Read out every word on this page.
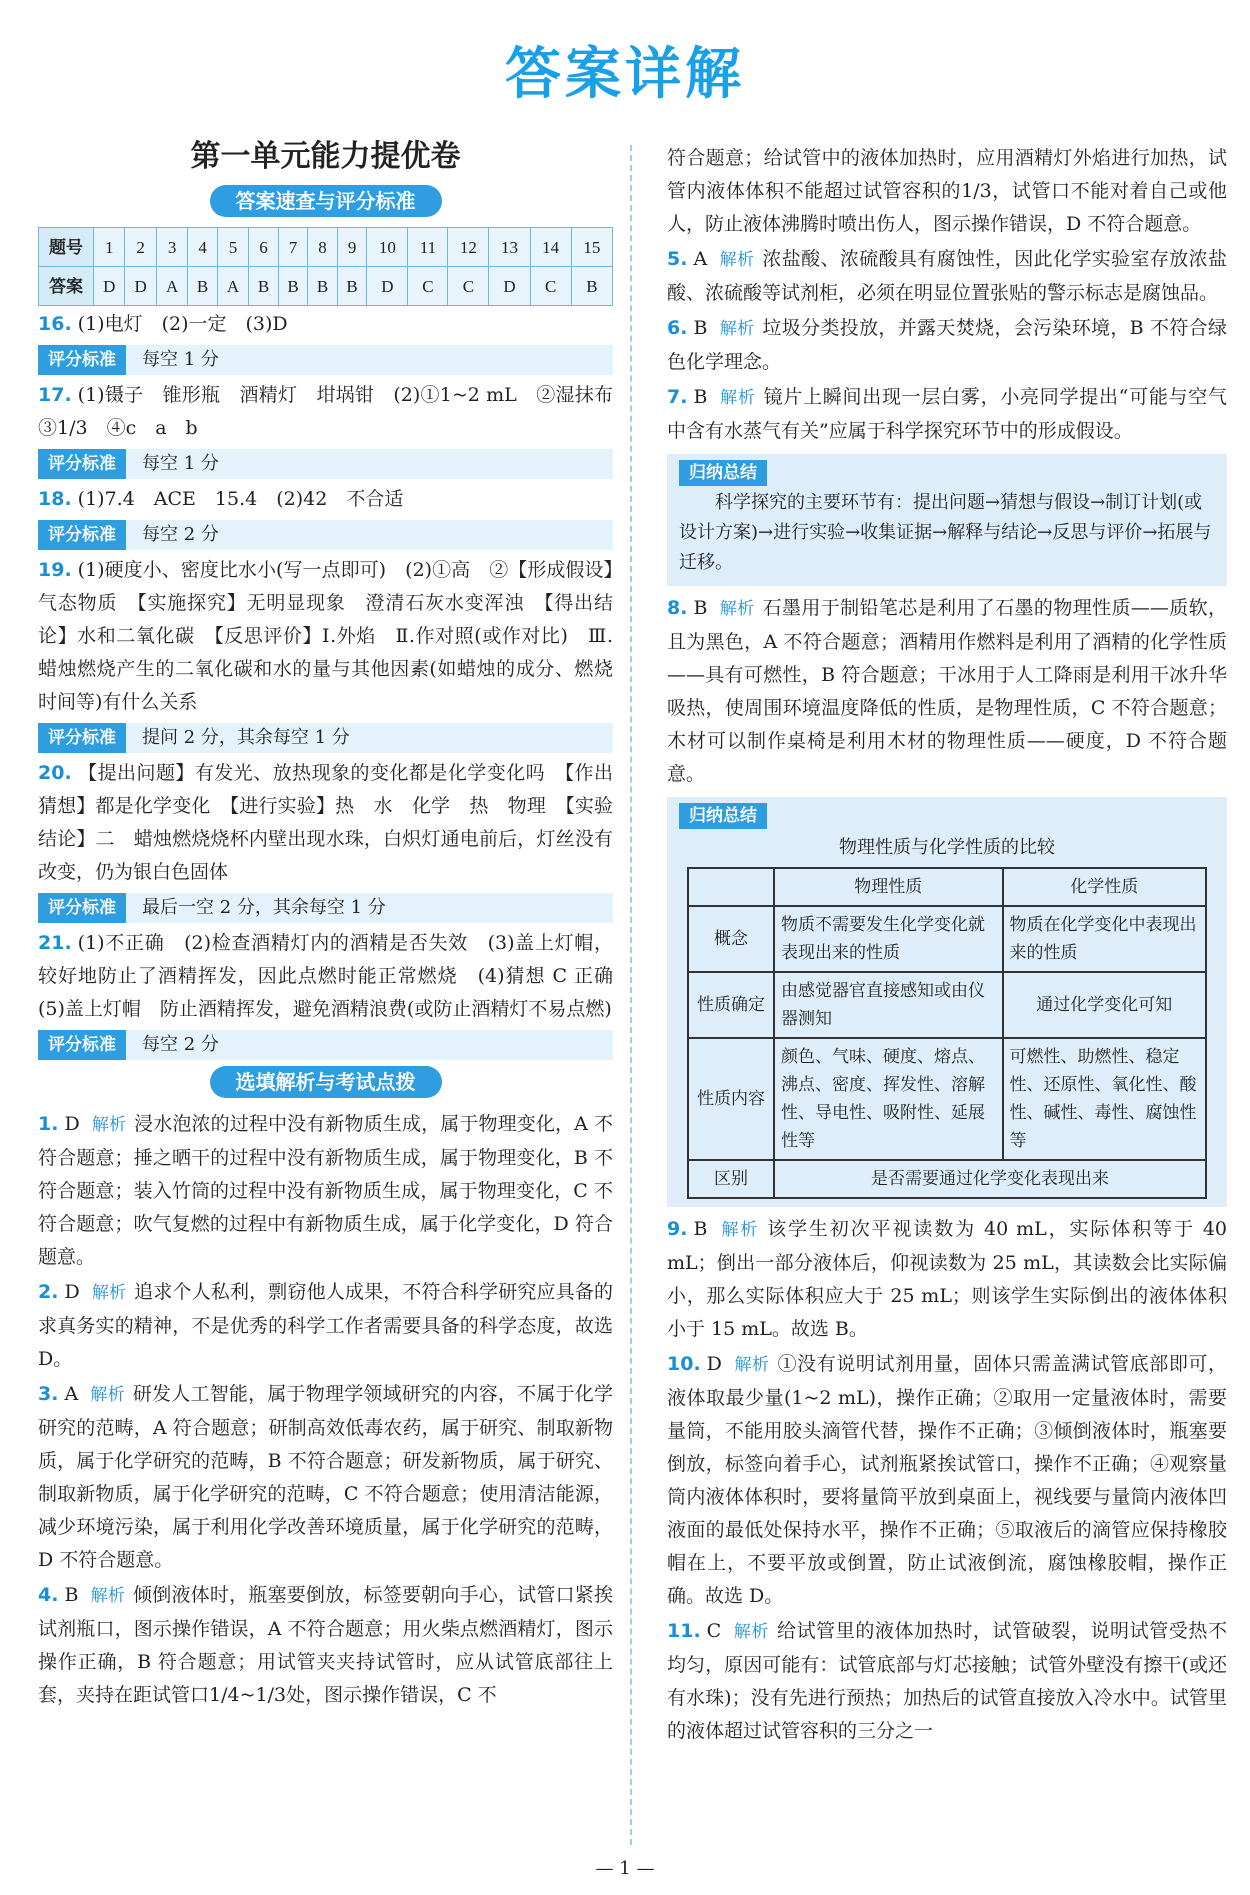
答案详解
第一单元能力提优卷
答案速查与评分标准
题号	1	2	3	4	5	6	7	8	9	10	11	12	13	14	15
答案	D	D	A	B	A	B	B	B	B	D	C	C	D	C	B
16. (1)电灯　(2)一定　(3)D
评分标准 每空 1 分
17. (1)镊子　锥形瓶　酒精灯　坩埚钳　(2)①1~2 mL　②湿抹布　③1/3　④c　a　b
评分标准 每空 1 分
18. (1)7.4　ACE　15.4　(2)42　不合适
评分标准 每空 2 分
19. (1)硬度小、密度比水小(写一点即可)　(2)①高　②【形成假设】气态物质　【实施探究】无明显现象　澄清石灰水变浑浊　【得出结论】水和二氧化碳　【反思评价】Ⅰ.外焰　Ⅱ.作对照(或作对比)　Ⅲ.蜡烛燃烧产生的二氧化碳和水的量与其他因素(如蜡烛的成分、燃烧时间等)有什么关系
评分标准 提问 2 分，其余每空 1 分
20. 【提出问题】有发光、放热现象的变化都是化学变化吗　【作出猜想】都是化学变化　【进行实验】热　水　化学　热　物理　【实验结论】二　蜡烛燃烧烧杯内壁出现水珠，白炽灯通电前后，灯丝没有改变，仍为银白色固体
评分标准 最后一空 2 分，其余每空 1 分
21. (1)不正确　(2)检查酒精灯内的酒精是否失效　(3)盖上灯帽，较好地防止了酒精挥发，因此点燃时能正常燃烧　(4)猜想 C 正确　(5)盖上灯帽　防止酒精挥发，避免酒精浪费(或防止酒精灯不易点燃)
评分标准 每空 2 分
选填解析与考试点拨
1. D 解析 浸水泡浓的过程中没有新物质生成，属于物理变化，A 不符合题意；捶之晒干的过程中没有新物质生成，属于物理变化，B 不符合题意；装入竹筒的过程中没有新物质生成，属于物理变化，C 不符合题意；吹气复燃的过程中有新物质生成，属于化学变化，D 符合题意。
2. D 解析 追求个人私利，剽窃他人成果，不符合科学研究应具备的求真务实的精神，不是优秀的科学工作者需要具备的科学态度，故选 D。
3. A 解析 研发人工智能，属于物理学领域研究的内容，不属于化学研究的范畴，A 符合题意；研制高效低毒农药，属于研究、制取新物质，属于化学研究的范畴，B 不符合题意；研发新物质，属于研究、制取新物质，属于化学研究的范畴，C 不符合题意；使用清洁能源，减少环境污染，属于利用化学改善环境质量，属于化学研究的范畴，D 不符合题意。
4. B 解析 倾倒液体时，瓶塞要倒放，标签要朝向手心，试管口紧挨试剂瓶口，图示操作错误，A 不符合题意；用火柴点燃酒精灯，图示操作正确，B 符合题意；用试管夹夹持试管时，应从试管底部往上套，夹持在距试管口1/4~1/3处，图示操作错误，C 不
符合题意；给试管中的液体加热时，应用酒精灯外焰进行加热，试管内液体体积不能超过试管容积的1/3，试管口不能对着自己或他人，防止液体沸腾时喷出伤人，图示操作错误，D 不符合题意。
5. A 解析 浓盐酸、浓硫酸具有腐蚀性，因此化学实验室存放浓盐酸、浓硫酸等试剂柜，必须在明显位置张贴的警示标志是腐蚀品。
6. B 解析 垃圾分类投放，并露天焚烧，会污染环境，B 不符合绿色化学理念。
7. B 解析 镜片上瞬间出现一层白雾，小亮同学提出“可能与空气中含有水蒸气有关”应属于科学探究环节中的形成假设。
归纳总结
科学探究的主要环节有：提出问题→猜想与假设→制订计划(或设计方案)→进行实验→收集证据→解释与结论→反思与评价→拓展与迁移。
8. B 解析 石墨用于制铅笔芯是利用了石墨的物理性质——质软，且为黑色，A 不符合题意；酒精用作燃料是利用了酒精的化学性质——具有可燃性，B 符合题意；干冰用于人工降雨是利用干冰升华吸热，使周围环境温度降低的性质，是物理性质，C 不符合题意；木材可以制作桌椅是利用木材的物理性质——硬度，D 不符合题意。
归纳总结
物理性质与化学性质的比较
	物理性质	化学性质
概念	物质不需要发生化学变化就表现出来的性质	物质在化学变化中表现出来的性质
性质确定	由感觉器官直接感知或由仪器测知	通过化学变化可知
性质内容	颜色、气味、硬度、熔点、沸点、密度、挥发性、溶解性、导电性、吸附性、延展性等	可燃性、助燃性、稳定性、还原性、氧化性、酸性、碱性、毒性、腐蚀性等
区别	是否需要通过化学变化表现出来	
9. B 解析 该学生初次平视读数为 40 mL，实际体积等于 40 mL；倒出一部分液体后，仰视读数为 25 mL，其读数会比实际偏小，那么实际体积应大于 25 mL；则该学生实际倒出的液体体积小于 15 mL。故选 B。
10. D 解析 ①没有说明试剂用量，固体只需盖满试管底部即可，液体取最少量(1~2 mL)，操作正确；②取用一定量液体时，需要量筒，不能用胶头滴管代替，操作不正确；③倾倒液体时，瓶塞要倒放，标签向着手心，试剂瓶紧挨试管口，操作不正确；④观察量筒内液体体积时，要将量筒平放到桌面上，视线要与量筒内液体凹液面的最低处保持水平，操作不正确；⑤取液后的滴管应保持橡胶帽在上，不要平放或倒置，防止试液倒流，腐蚀橡胶帽，操作正确。故选 D。
11. C 解析 给试管里的液体加热时，试管破裂，说明试管受热不均匀，原因可能有：试管底部与灯芯接触；试管外壁没有擦干(或还有水珠)；没有先进行预热；加热后的试管直接放入冷水中。试管里的液体超过试管容积的三分之一
— 1 —
